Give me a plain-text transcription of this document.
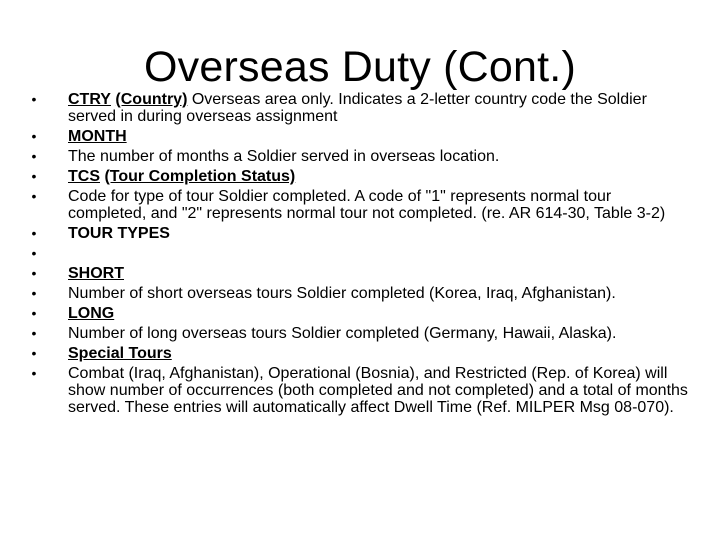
Overseas Duty (Cont.)
• CTRY (Country) Overseas area only. Indicates a 2-letter country code the Soldier served in during overseas assignment
• MONTH
• The number of months a Soldier served in overseas location.
• TCS (Tour Completion Status)
• Code for type of tour Soldier completed. A code of "1" represents normal tour completed, and "2" represents normal tour not completed. (re. AR 614-30, Table 3-2)
• TOUR TYPES
•
• SHORT
• Number of short overseas tours Soldier completed (Korea, Iraq, Afghanistan).
• LONG
• Number of long overseas tours Soldier completed (Germany, Hawaii, Alaska).
• Special Tours
• Combat (Iraq, Afghanistan), Operational (Bosnia), and Restricted (Rep. of Korea) will show number of occurrences (both completed and not completed) and a total of months served. These entries will automatically affect Dwell Time (Ref. MILPER Msg 08-070).
